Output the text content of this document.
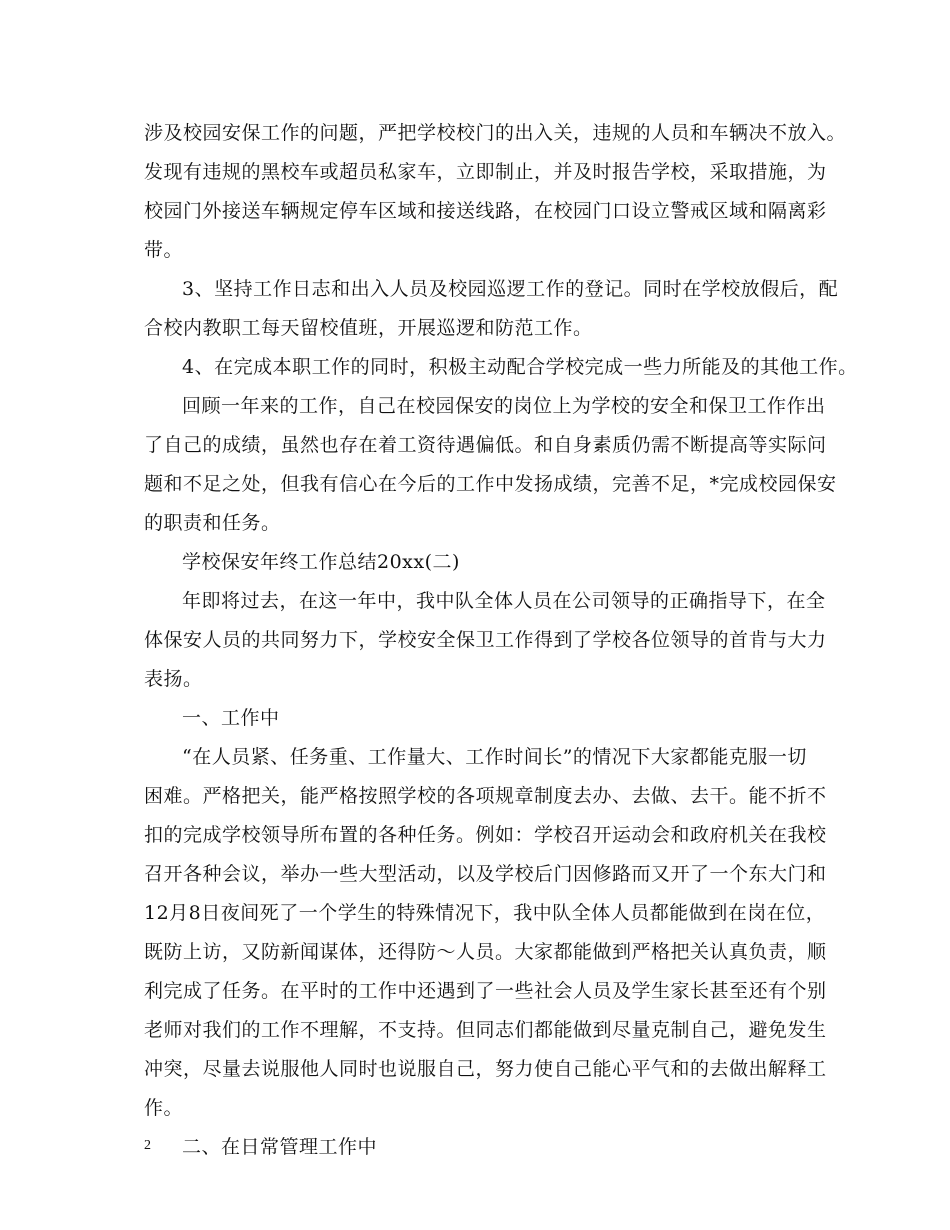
涉及校园安保工作的问题，严把学校校门的出入关，违规的人员和车辆决不放入。
发现有违规的黑校车或超员私家车，立即制止，并及时报告学校，采取措施，为
校园门外接送车辆规定停车区域和接送线路，在校园门口设立警戒区域和隔离彩
带。
3、坚持工作日志和出入人员及校园巡逻工作的登记。同时在学校放假后，配
合校内教职工每天留校值班，开展巡逻和防范工作。
4、在完成本职工作的同时，积极主动配合学校完成一些力所能及的其他工作。
回顾一年来的工作，自己在校园保安的岗位上为学校的安全和保卫工作作出
了自己的成绩，虽然也存在着工资待遇偏低。和自身素质仍需不断提高等实际问
题和不足之处，但我有信心在今后的工作中发扬成绩，完善不足，*完成校园保安
的职责和任务。
学校保安年终工作总结20xx(二)
年即将过去，在这一年中，我中队全体人员在公司领导的正确指导下，在全
体保安人员的共同努力下，学校安全保卫工作得到了学校各位领导的首肯与大力
表扬。
一、工作中
“在人员紧、任务重、工作量大、工作时间长”的情况下大家都能克服一切
困难。严格把关，能严格按照学校的各项规章制度去办、去做、去干。能不折不
扣的完成学校领导所布置的各种任务。例如：学校召开运动会和政府机关在我校
召开各种会议，举办一些大型活动，以及学校后门因修路而又开了一个东大门和
12月8日夜间死了一个学生的特殊情况下，我中队全体人员都能做到在岗在位，
既防上访，又防新闻谋体，还得防～人员。大家都能做到严格把关认真负责，顺
利完成了任务。在平时的工作中还遇到了一些社会人员及学生家长甚至还有个别
老师对我们的工作不理解，不支持。但同志们都能做到尽量克制自己，避免发生
冲突，尽量去说服他人同时也说服自己，努力使自己能心平气和的去做出解释工
作。
二、在日常管理工作中
2
